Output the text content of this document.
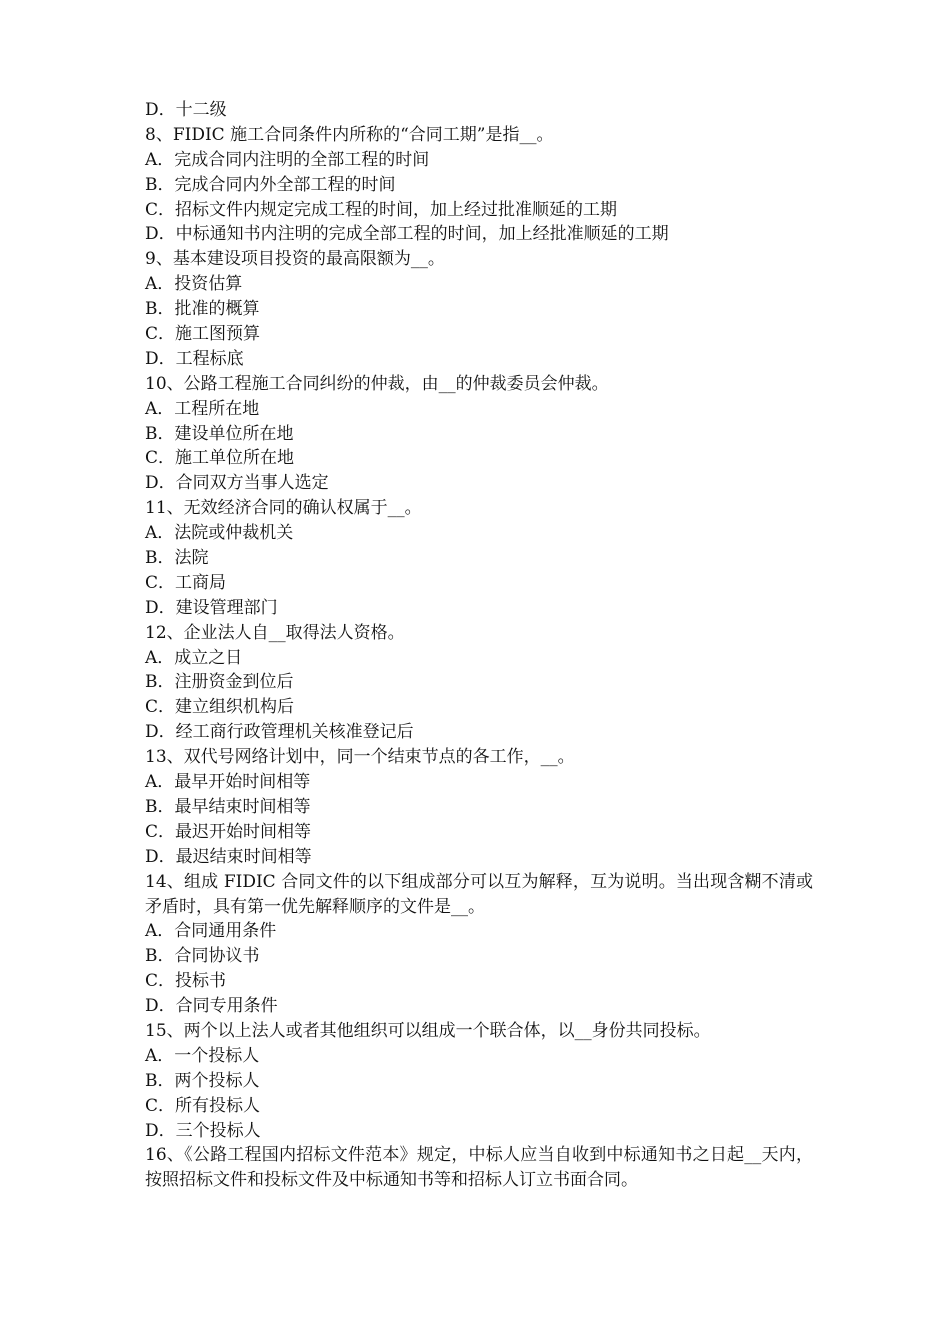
D．十二级
8、FIDIC 施工合同条件内所称的“合同工期”是指__。
A．完成合同内注明的全部工程的时间
B．完成合同内外全部工程的时间
C．招标文件内规定完成工程的时间，加上经过批准顺延的工期
D．中标通知书内注明的完成全部工程的时间，加上经批准顺延的工期
9、基本建设项目投资的最高限额为__。
A．投资估算
B．批准的概算
C．施工图预算
D．工程标底
10、公路工程施工合同纠纷的仲裁，由__的仲裁委员会仲裁。
A．工程所在地
B．建设单位所在地
C．施工单位所在地
D．合同双方当事人选定
11、无效经济合同的确认权属于__。
A．法院或仲裁机关
B．法院
C．工商局
D．建设管理部门
12、企业法人自__取得法人资格。
A．成立之日
B．注册资金到位后
C．建立组织机构后
D．经工商行政管理机关核准登记后
13、双代号网络计划中，同一个结束节点的各工作，__。
A．最早开始时间相等
B．最早结束时间相等
C．最迟开始时间相等
D．最迟结束时间相等
14、组成 FIDIC 合同文件的以下组成部分可以互为解释，互为说明。当出现含糊不清或矛盾时，具有第一优先解释顺序的文件是__。
A．合同通用条件
B．合同协议书
C．投标书
D．合同专用条件
15、两个以上法人或者其他组织可以组成一个联合体，以__身份共同投标。
A．一个投标人
B．两个投标人
C．所有投标人
D．三个投标人
16、《公路工程国内招标文件范本》规定，中标人应当自收到中标通知书之日起__天内，按照招标文件和投标文件及中标通知书等和招标人订立书面合同。
